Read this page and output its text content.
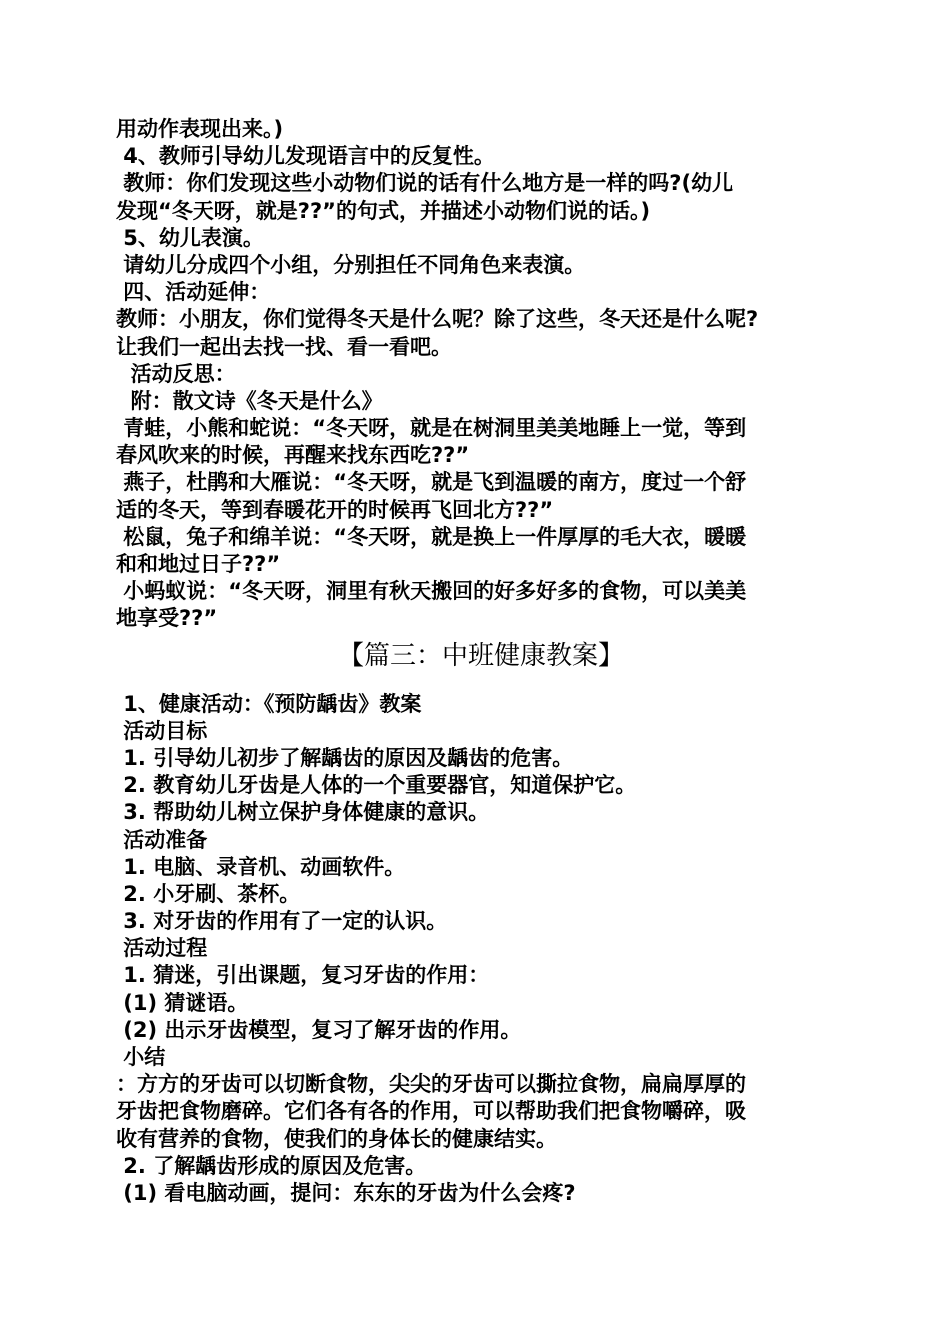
用动作表现出来。)
4、教师引导幼儿发现语言中的反复性。
教师：你们发现这些小动物们说的话有什么地方是一样的吗?(幼儿
发现“冬天呀，就是??”的句式，并描述小动物们说的话。)
5、幼儿表演。
请幼儿分成四个小组，分别担任不同角色来表演。
四、活动延伸：
教师：小朋友，你们觉得冬天是什么呢？除了这些，冬天还是什么呢?
让我们一起出去找一找、看一看吧。
活动反思：
附：散文诗《冬天是什么》
青蛙，小熊和蛇说：“冬天呀，就是在树洞里美美地睡上一觉，等到
春风吹来的时候，再醒来找东西吃??”
燕子，杜鹃和大雁说：“冬天呀，就是飞到温暖的南方，度过一个舒
适的冬天，等到春暖花开的时候再飞回北方??”
松鼠，兔子和绵羊说：“冬天呀，就是换上一件厚厚的毛大衣，暖暖
和和地过日子??”
小蚂蚁说：“冬天呀，洞里有秋天搬回的好多好多的食物，可以美美
地享受??”
【篇三：中班健康教案】
1、健康活动：《预防龋齿》教案
活动目标
1. 引导幼儿初步了解龋齿的原因及龋齿的危害。
2. 教育幼儿牙齿是人体的一个重要器官，知道保护它。
3. 帮助幼儿树立保护身体健康的意识。
活动准备
1. 电脑、录音机、动画软件。
2. 小牙刷、茶杯。
3. 对牙齿的作用有了一定的认识。
活动过程
1. 猜迷，引出课题，复习牙齿的作用：
(1) 猜谜语。
(2) 出示牙齿模型，复习了解牙齿的作用。
小结
：方方的牙齿可以切断食物，尖尖的牙齿可以撕拉食物，扁扁厚厚的
牙齿把食物磨碎。它们各有各的作用，可以帮助我们把食物嚼碎，吸
收有营养的食物，使我们的身体长的健康结实。
2. 了解龋齿形成的原因及危害。
(1) 看电脑动画，提问：东东的牙齿为什么会疼?
